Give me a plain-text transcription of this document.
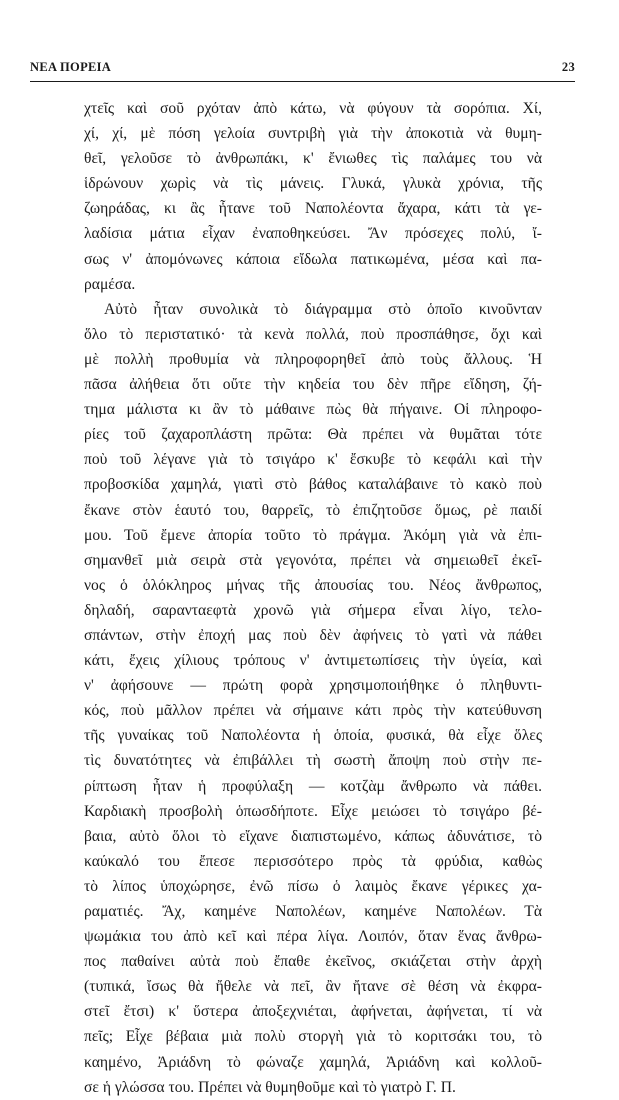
ΝΕΑ ΠΟΡΕΙΑ	23
χτεῖς καὶ σοῦ ρχόταν ἀπὸ κάτω, νὰ φύγουν τὰ σορόπια. Χί,
χί, χί, μὲ πόση γελοία συντριβὴ γιὰ τὴν ἀποκοτιὰ νὰ θυμη-
θεῖ, γελοῦσε τὸ ἀνθρωπάκι, κ' ἔνιωθες τὶς παλάμες του νὰ
ἱδρώνουν χωρὶς νὰ τὶς μάνεις. Γλυκά, γλυκὰ χρόνια, τῆς
ζωηράδας, κι ἂς ἦτανε τοῦ Ναπολέοντα ἄχαρα, κάτι τὰ γε-
λαδίσια μάτια εἶχαν ἐναποθηκεύσει. Ἄν πρόσεχες πολύ, ἴ-
σως ν' ἀπομόνωνες κάποια εἴδωλα πατικωμένα, μέσα καὶ πα-
ραμέσα.
Αὐτὸ ἦταν συνολικὰ τὸ διάγραμμα στὸ ὁποῖο κινοῦνταν
ὅλο τὸ περιστατικό· τὰ κενὰ πολλά, ποὺ προσπάθησε, ὄχι καὶ
μὲ πολλὴ προθυμία νὰ πληροφορηθεῖ ἀπὸ τοὺς ἄλλους. Ἡ
πᾶσα ἀλήθεια ὅτι οὔτε τὴν κηδεία του δὲν πῆρε εἴδηση, ζή-
τημα μάλιστα κι ἂν τὸ μάθαινε πὼς θὰ πήγαινε. Οἱ πληροφο-
ρίες τοῦ ζαχαροπλάστη πρῶτα: Θὰ πρέπει νὰ θυμᾶται τότε
ποὺ τοῦ λέγανε γιὰ τὸ τσιγάρο κ' ἔσκυβε τὸ κεφάλι καὶ τὴν
προβοσκίδα χαμηλά, γιατὶ στὸ βάθος καταλάβαινε τὸ κακὸ ποὺ
ἔκανε στὸν ἑαυτό του, θαρρεῖς, τὸ ἐπιζητοῦσε ὅμως, ρὲ παιδί
μου. Τοῦ ἔμενε ἀπορία τοῦτο τὸ πράγμα. Ἀκόμη γιὰ νὰ ἐπι-
σημανθεῖ μιὰ σειρὰ στὰ γεγονότα, πρέπει νὰ σημειωθεῖ ἐκεῖ-
νος ὁ ὁλόκληρος μήνας τῆς ἀπουσίας του. Νέος ἄνθρωπος,
δηλαδή, σαρανταεφτὰ χρονῶ γιὰ σήμερα εἶναι λίγο, τελο-
σπάντων, στὴν ἐποχή μας ποὺ δὲν ἀφήνεις τὸ γατὶ νὰ πάθει
κάτι, ἔχεις χίλιους τρόπους ν' ἀντιμετωπίσεις τὴν ὑγεία, καὶ
ν' ἀφήσουνε — πρώτη φορὰ χρησιμοποιήθηκε ὁ πληθυντι-
κός, ποὺ μᾶλλον πρέπει νὰ σήμαινε κάτι πρὸς τὴν κατεύθυνση
τῆς γυναίκας τοῦ Ναπολέοντα ἡ ὁποία, φυσικά, θὰ εἶχε ὅλες
τὶς δυνατότητες νὰ ἐπιβάλλει τὴ σωστὴ ἄποψη ποὺ στὴν πε-
ρίπτωση ἦταν ἡ προφύλαξη — κοτζὰμ ἄνθρωπο νὰ πάθει.
Καρδιακὴ προσβολὴ ὁπωσδήποτε. Εἶχε μειώσει τὸ τσιγάρο βέ-
βαια, αὐτὸ ὅλοι τὸ εἴχανε διαπιστωμένο, κάπως ἀδυνάτισε, τὸ
καύκαλό του ἔπεσε περισσότερο πρὸς τὰ φρύδια, καθὼς
τὸ λίπος ὑποχώρησε, ἐνῶ πίσω ὁ λαιμὸς ἔκανε γέρικες χα-
ραματιές. Ἄχ, καημένε Ναπολέων, καημένε Ναπολέων. Τὰ
ψωμάκια του ἀπὸ κεῖ καὶ πέρα λίγα. Λοιπόν, ὅταν ἕνας ἄνθρω-
πος παθαίνει αὐτὰ ποὺ ἔπαθε ἐκεῖνος, σκιάζεται στὴν ἀρχὴ
(τυπικά, ἴσως θὰ ἤθελε νὰ πεῖ, ἂν ἤτανε σὲ θέση νὰ ἐκφρα-
στεῖ ἔτσι) κ' ὕστερα ἀποξεχνιέται, ἀφήνεται, ἀφήνεται, τί νὰ
πεῖς; Εἶχε βέβαια μιὰ πολὺ στοργὴ γιὰ τὸ κοριτσάκι του, τὸ
καημένο, Ἀριάδνη τὸ φώναζε χαμηλά, Ἀριάδνη καὶ κολλοῦ-
σε ἡ γλώσσα του. Πρέπει νὰ θυμηθοῦμε καὶ τὸ γιατρὸ Γ. Π.
